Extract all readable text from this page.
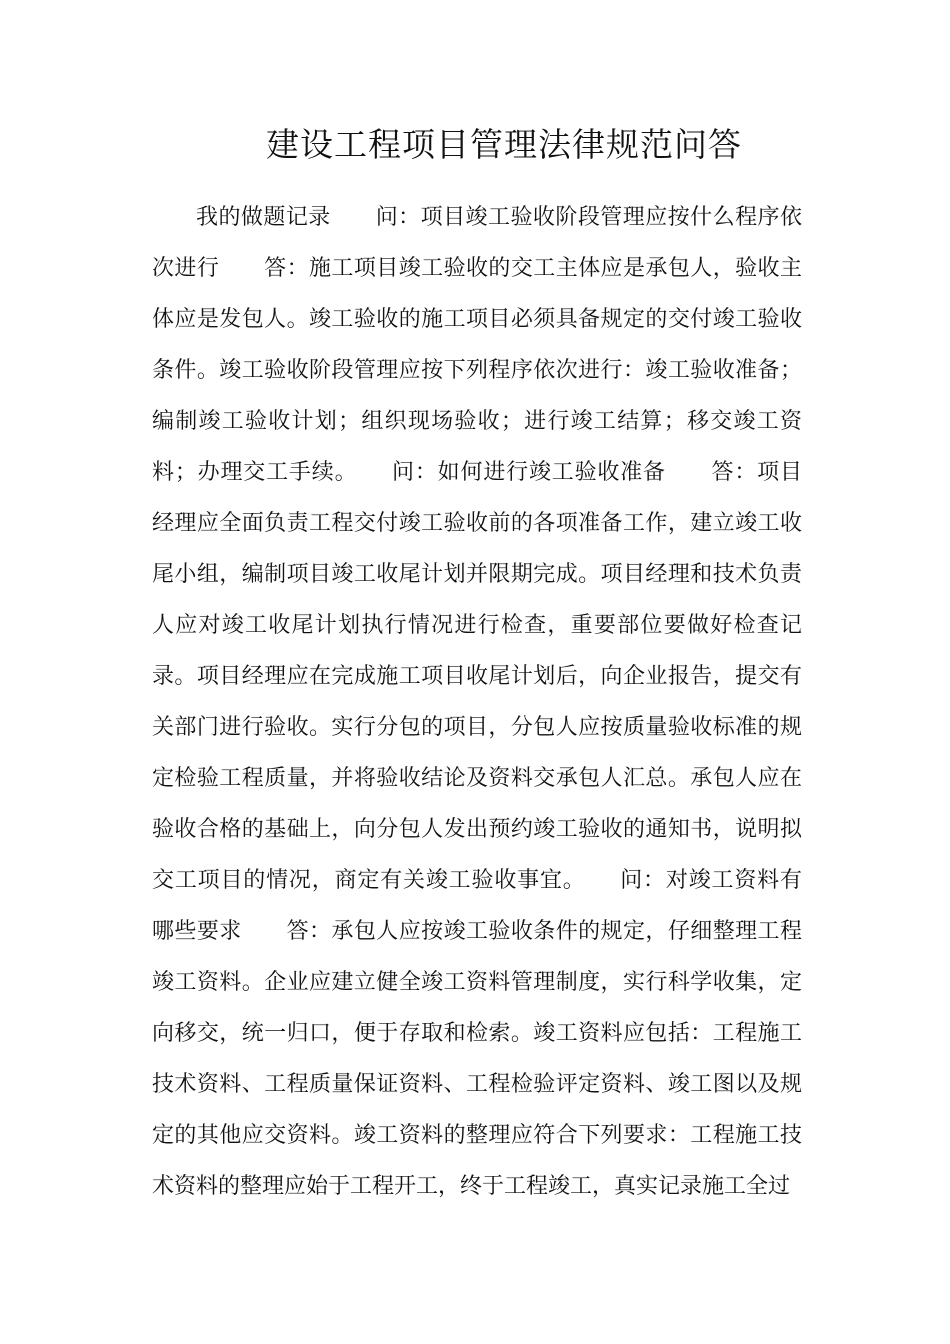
建设工程项目管理法律规范问答
我的做题记录　　问：项目竣工验收阶段管理应按什么程序依
次进行　　答：施工项目竣工验收的交工主体应是承包人，验收主
体应是发包人。竣工验收的施工项目必须具备规定的交付竣工验收
条件。竣工验收阶段管理应按下列程序依次进行：竣工验收准备；
编制竣工验收计划；组织现场验收；进行竣工结算；移交竣工资
料；办理交工手续。　　问：如何进行竣工验收准备　　答：项目
经理应全面负责工程交付竣工验收前的各项准备工作，建立竣工收
尾小组，编制项目竣工收尾计划并限期完成。项目经理和技术负责
人应对竣工收尾计划执行情况进行检查，重要部位要做好检查记
录。项目经理应在完成施工项目收尾计划后，向企业报告，提交有
关部门进行验收。实行分包的项目，分包人应按质量验收标准的规
定检验工程质量，并将验收结论及资料交承包人汇总。承包人应在
验收合格的基础上，向分包人发出预约竣工验收的通知书，说明拟
交工项目的情况，商定有关竣工验收事宜。　　问：对竣工资料有
哪些要求　　答：承包人应按竣工验收条件的规定，仔细整理工程
竣工资料。企业应建立健全竣工资料管理制度，实行科学收集，定
向移交，统一归口，便于存取和检索。竣工资料应包括：工程施工
技术资料、工程质量保证资料、工程检验评定资料、竣工图以及规
定的其他应交资料。竣工资料的整理应符合下列要求：工程施工技
术资料的整理应始于工程开工，终于工程竣工，真实记录施工全过
